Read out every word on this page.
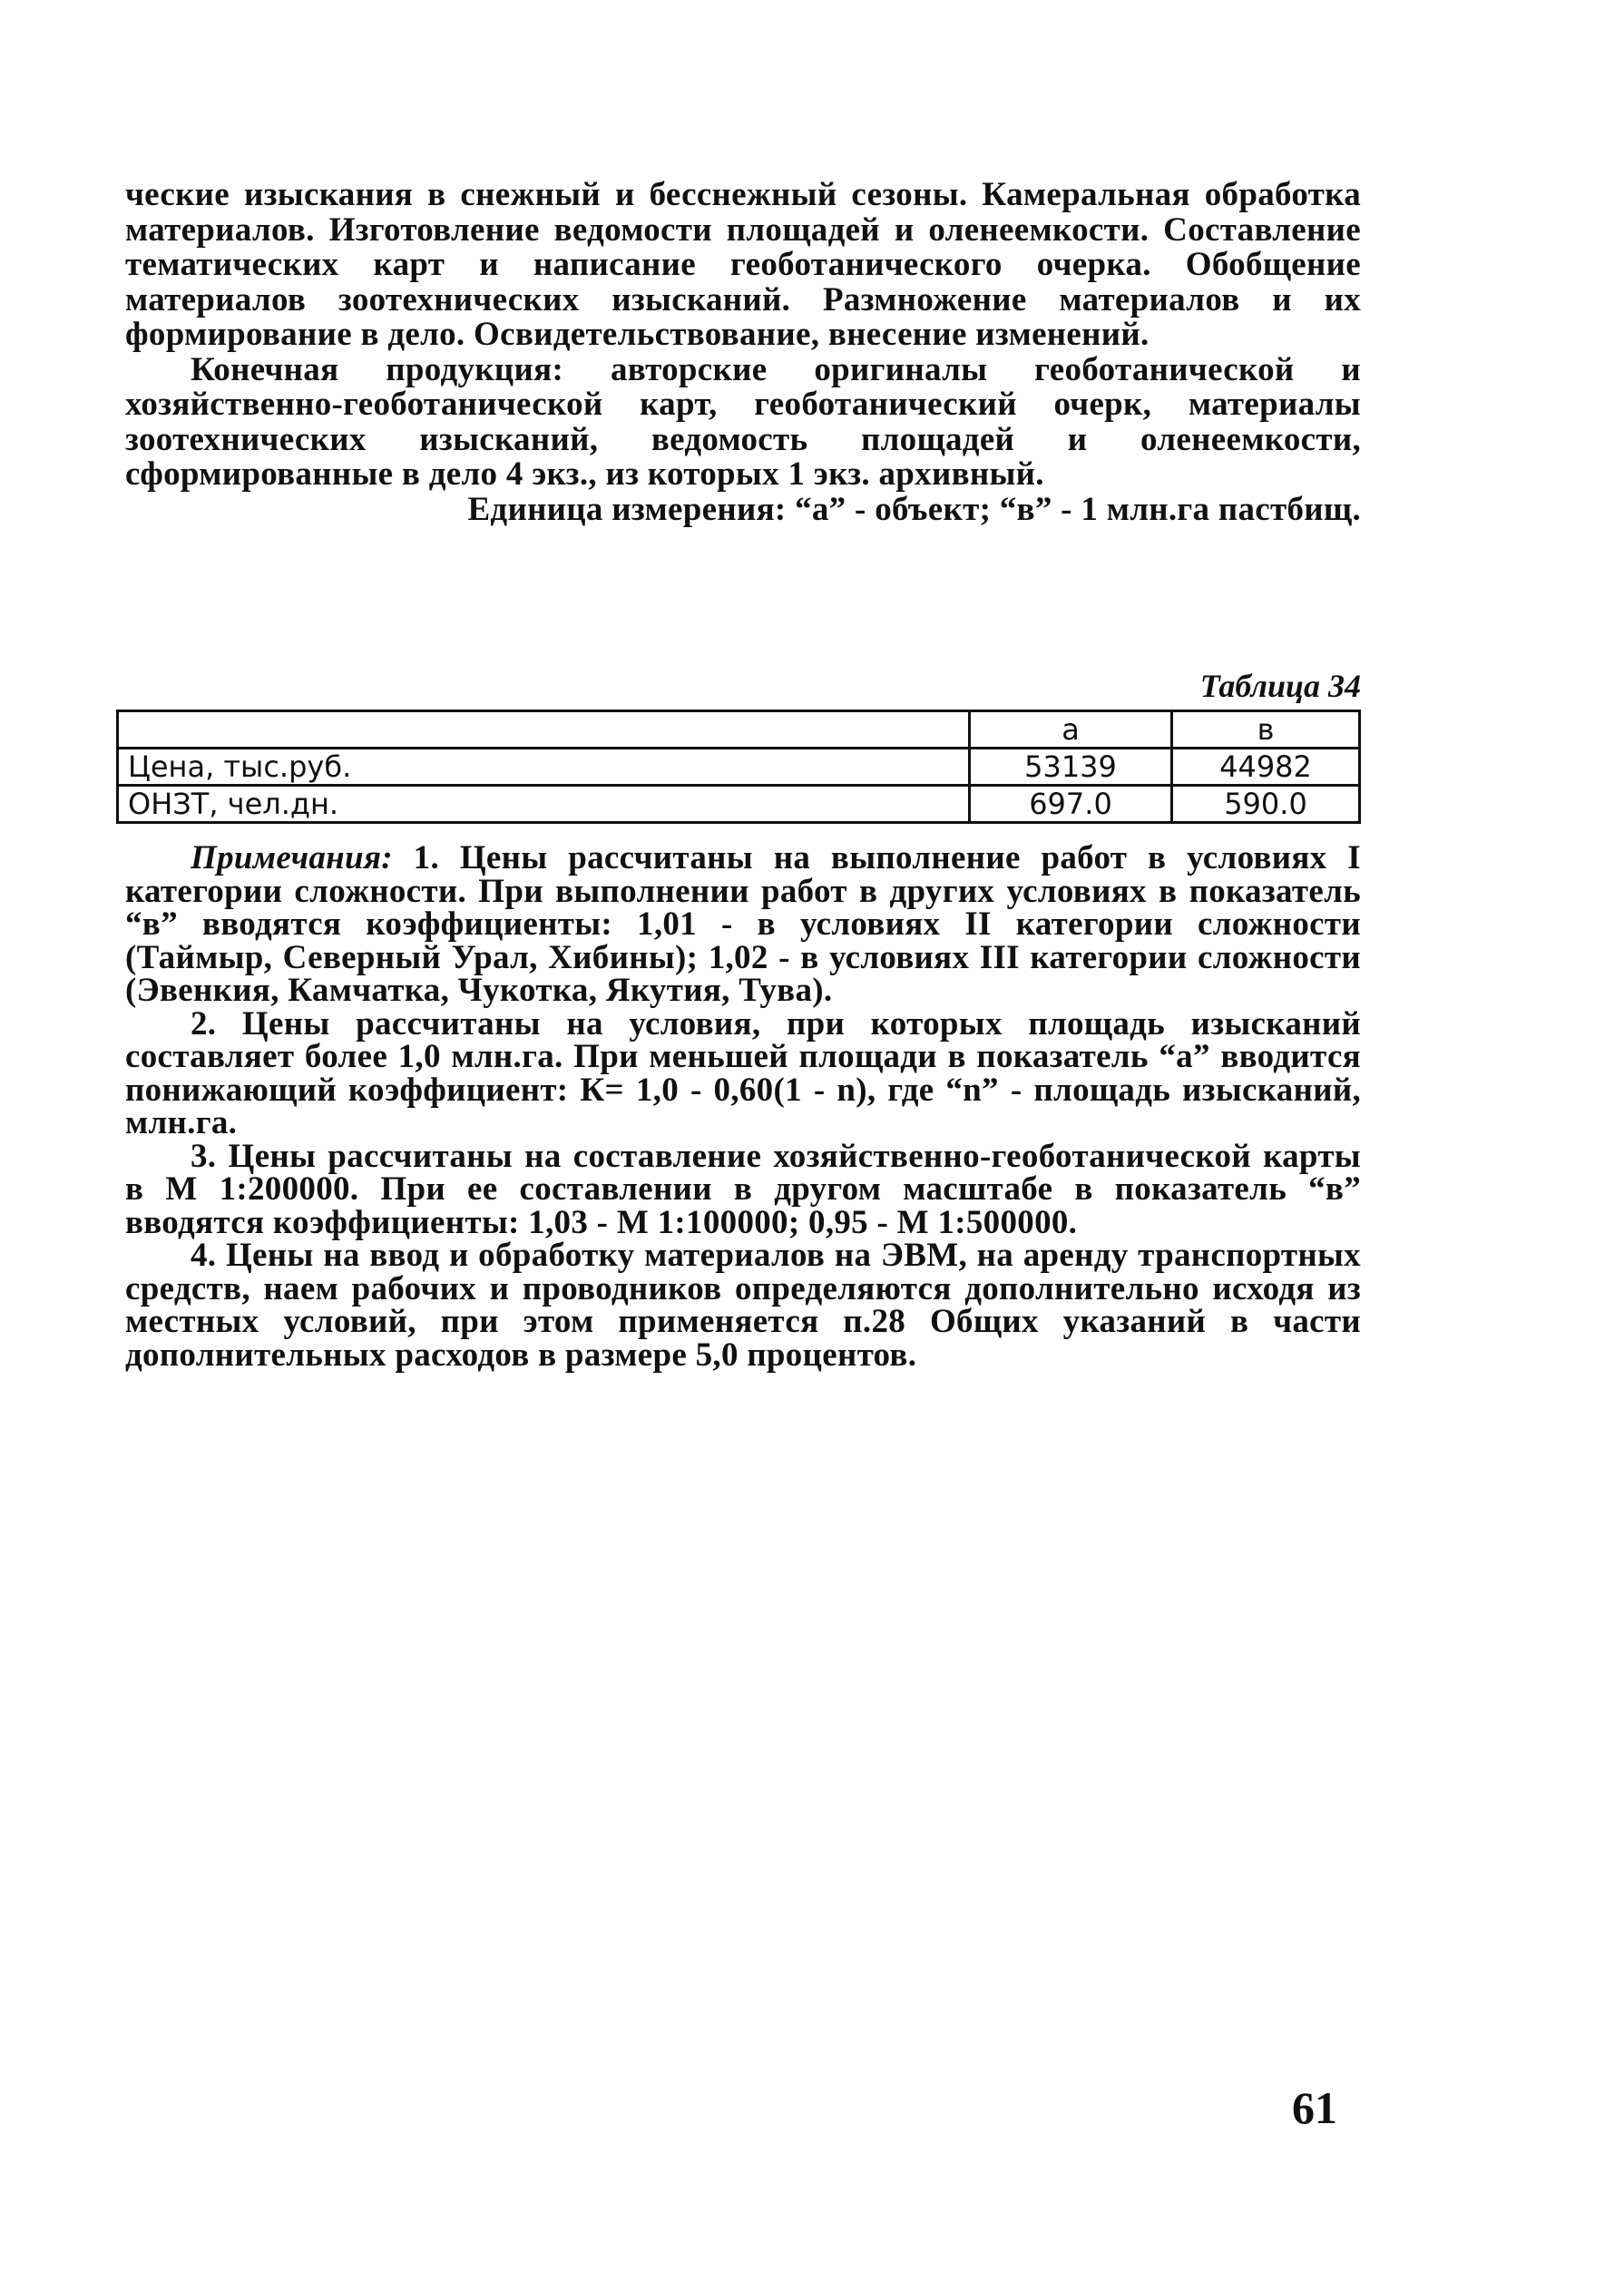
ческие изыскания в снежный и бесснежный сезоны. Камеральная обработка материалов. Изготовление ведомости площадей и оленеемкости. Составление тематических карт и написание геоботанического очерка. Обобщение материалов зоотехнических изысканий. Размножение материалов и их формирование в дело. Освидетельствование, внесение изменений.

Конечная продукция: авторские оригиналы геоботанической и хозяйственно-геоботанической карт, геоботанический очерк, материалы зоотехнических изысканий, ведомость площадей и оленеемкости, сформированные в дело 4 экз., из которых 1 экз. архивный.

Единица измерения: “а” - объект; “в” - 1 млн.га пастбищ.

Таблица 34
	а	в
Цена, тыс.руб.	53139	44982
ОНЗТ, чел.дн.	697.0	590.0

Примечания: 1. Цены рассчитаны на выполнение работ в условиях I категории сложности. При выполнении работ в других условиях в показатель “в” вводятся коэффициенты: 1,01 - в условиях II категории сложности (Таймыр, Северный Урал, Хибины); 1,02 - в условиях III категории сложности (Эвенкия, Камчатка, Чукотка, Якутия, Тува).

2. Цены рассчитаны на условия, при которых площадь изысканий составляет более 1,0 млн.га. При меньшей площади в показатель “а” вводится понижающий коэффициент: К= 1,0 - 0,60(1 - n), где “n” - площадь изысканий, млн.га.

3. Цены рассчитаны на составление хозяйственно-геоботанической карты в М 1:200000. При ее составлении в другом масштабе в показатель “в” вводятся коэффициенты: 1,03 - М 1:100000; 0,95 - М 1:500000.

4. Цены на ввод и обработку материалов на ЭВМ, на аренду транспортных средств, наем рабочих и проводников определяются дополнительно исходя из местных условий, при этом применяется п.28 Общих указаний в части дополнительных расходов в размере 5,0 процентов.

61
